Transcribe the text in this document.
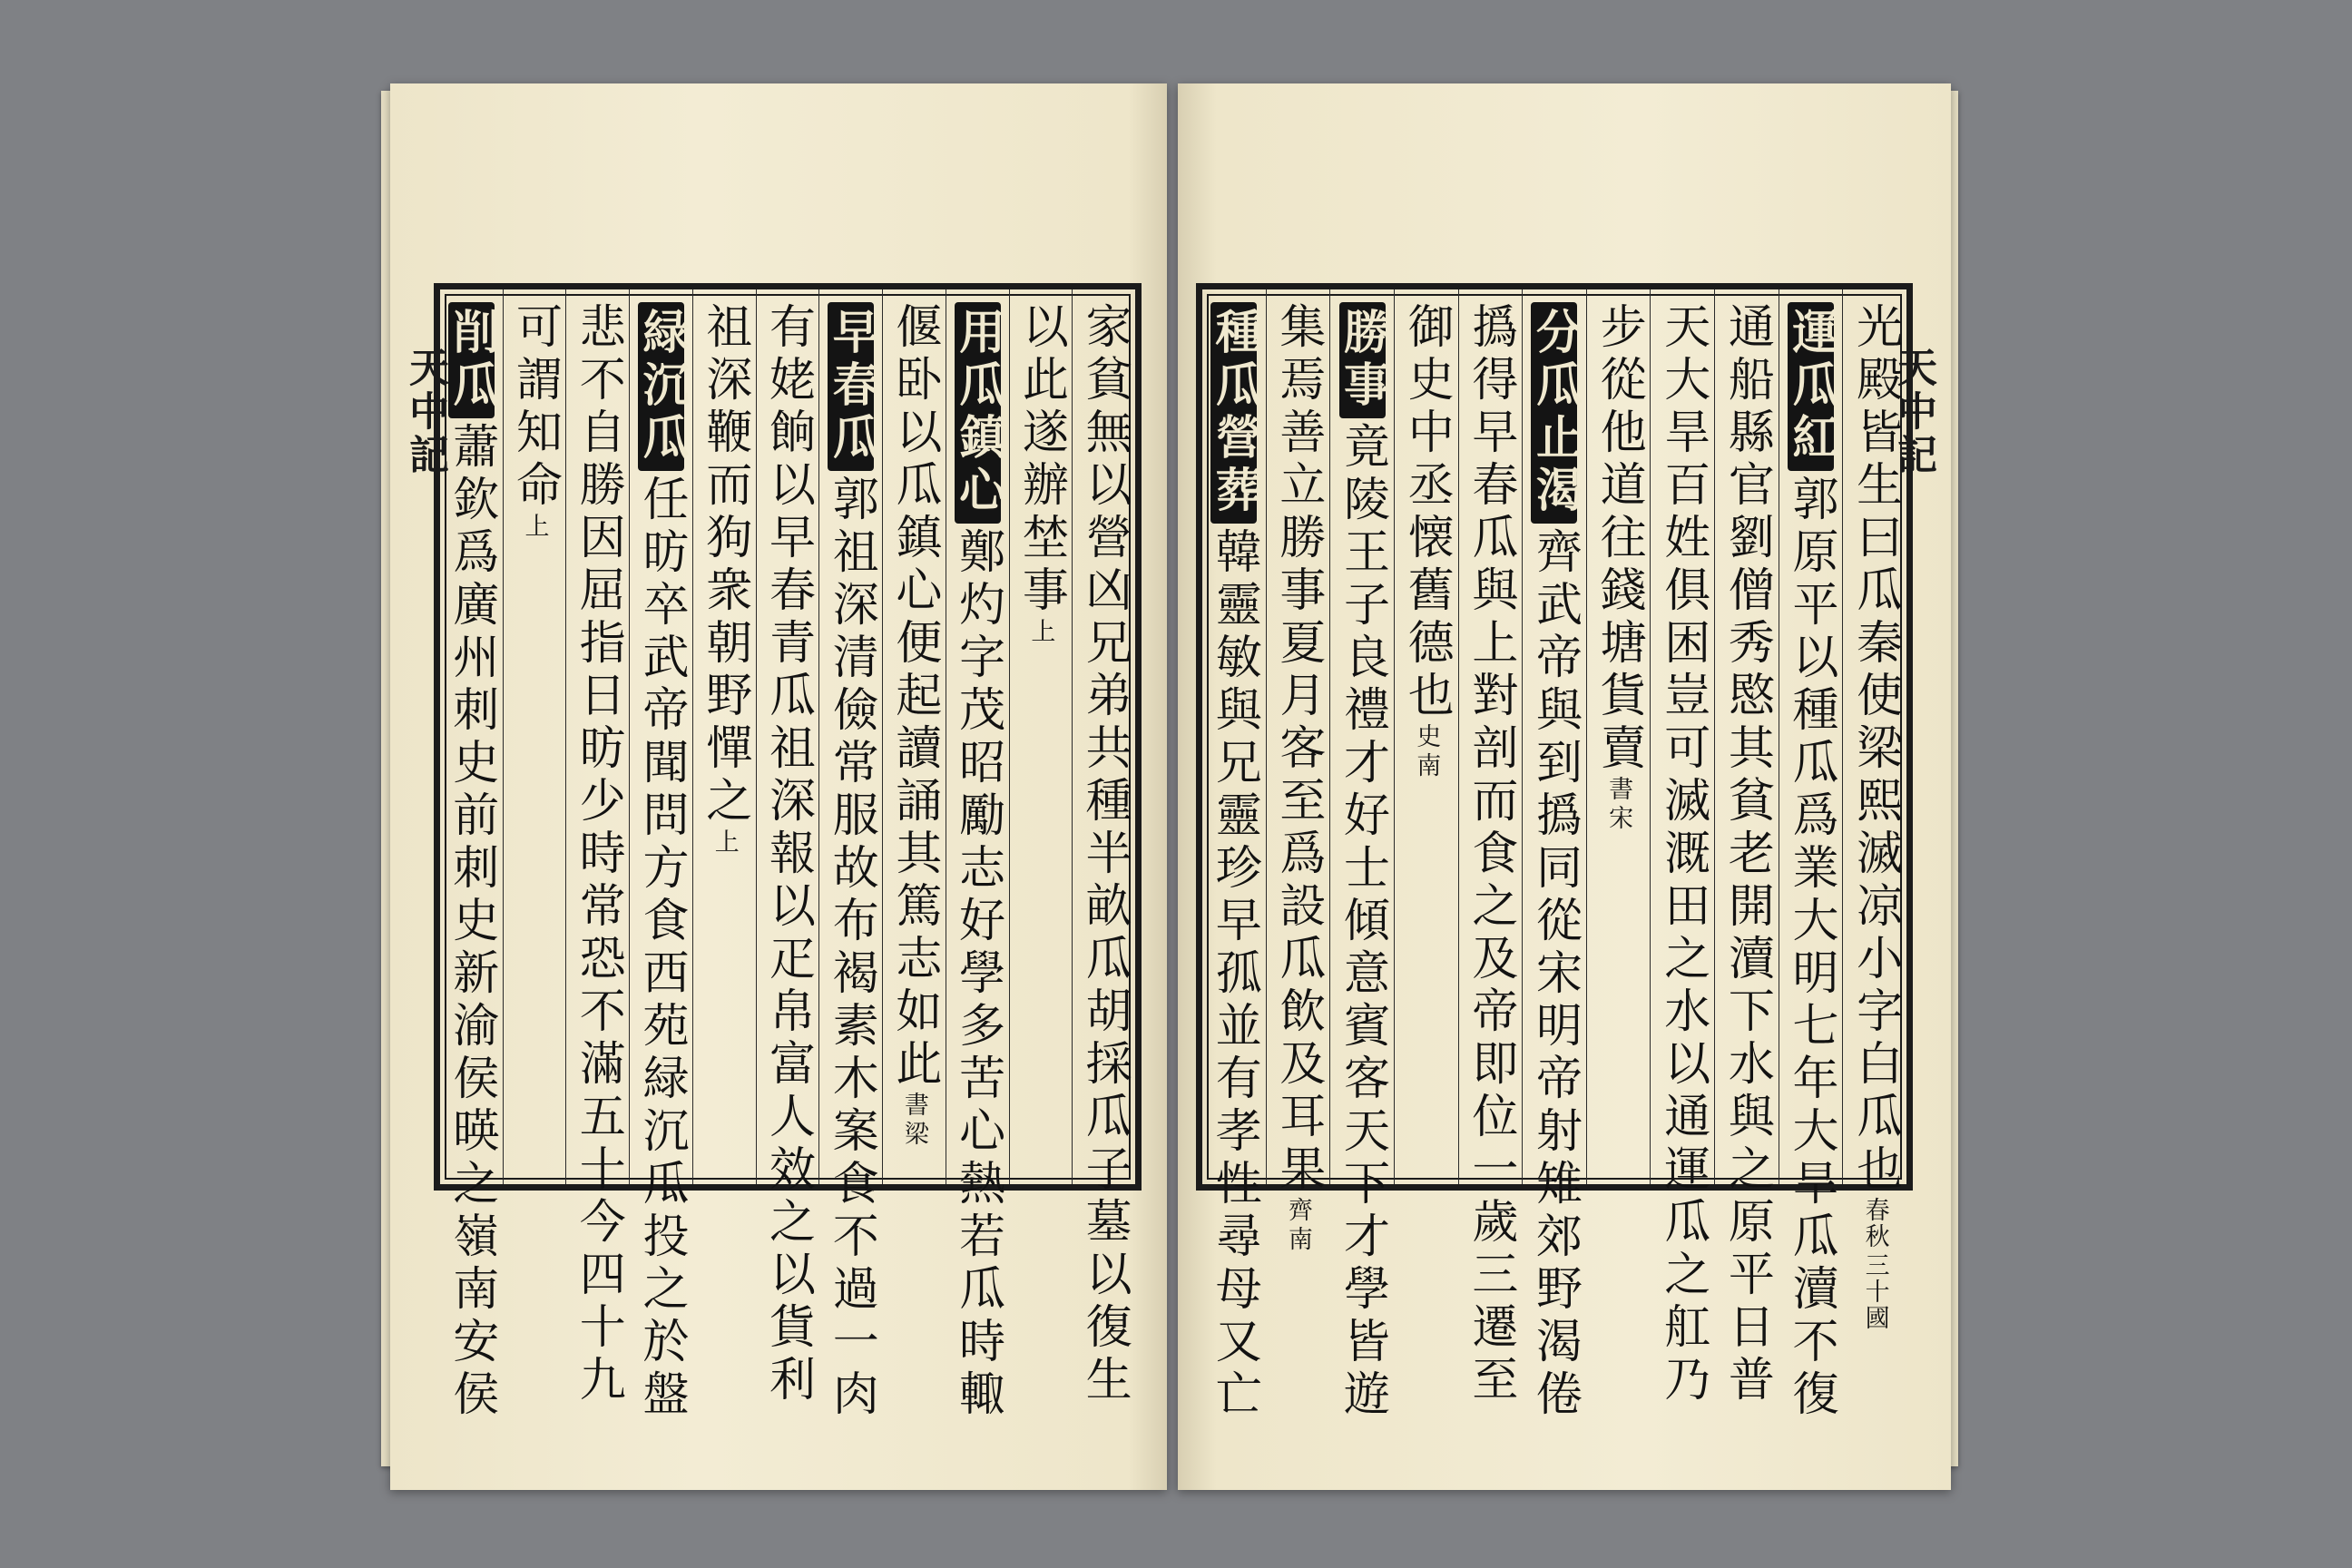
天中記	家貧無以營凶兄弟共種半畝瓜胡採瓜子墓以復生
以此遂辦埜事
上
用瓜鎮心
鄭灼字茂昭勵志好學多苦心熱若瓜時輙
偃卧以瓜鎮心便起讀誦其篤志如此
梁
書
早春瓜
郭祖深清儉常服故布褐素木案食不過一肉
有姥餉以早春青瓜祖深報以疋帛富人效之以貨利
祖深鞭而狗衆朝野憚之
上
緑沉瓜
任昉卒武帝聞問方食西苑緑沉瓜投之於盤
悲不自勝因屈指日昉少時常恐不滿五十今四十九
可謂知命
上
削瓜
蕭欽爲廣州刺史前刺史新渝侯暎之嶺南安侯
天中記
光殿皆生曰瓜秦使梁熙滅凉小字白瓜也
三十國
春秋
運瓜紅
郭原平以種瓜爲業大明七年大旱瓜瀆不復
通船縣官劉僧秀愍其貧老開瀆下水與之原平日普
天大旱百姓俱困豈可滅溉田之水以通運瓜之舡乃
步從他道往錢塘貨賣
宋
書
分瓜止渴
齊武帝與到撝同從宋明帝射雉郊野渴倦
撝得早春瓜與上對剖而食之及帝即位一歲三遷至
御史中丞懐舊德也
南
史
勝事
竟陵王子良禮才好士傾意賓客天下才學皆遊
集焉善立勝事夏月客至爲設瓜飲及耳果
南
齊
種瓜營葬
韓靈敏與兄靈珍早孤並有孝性尋母又亡
